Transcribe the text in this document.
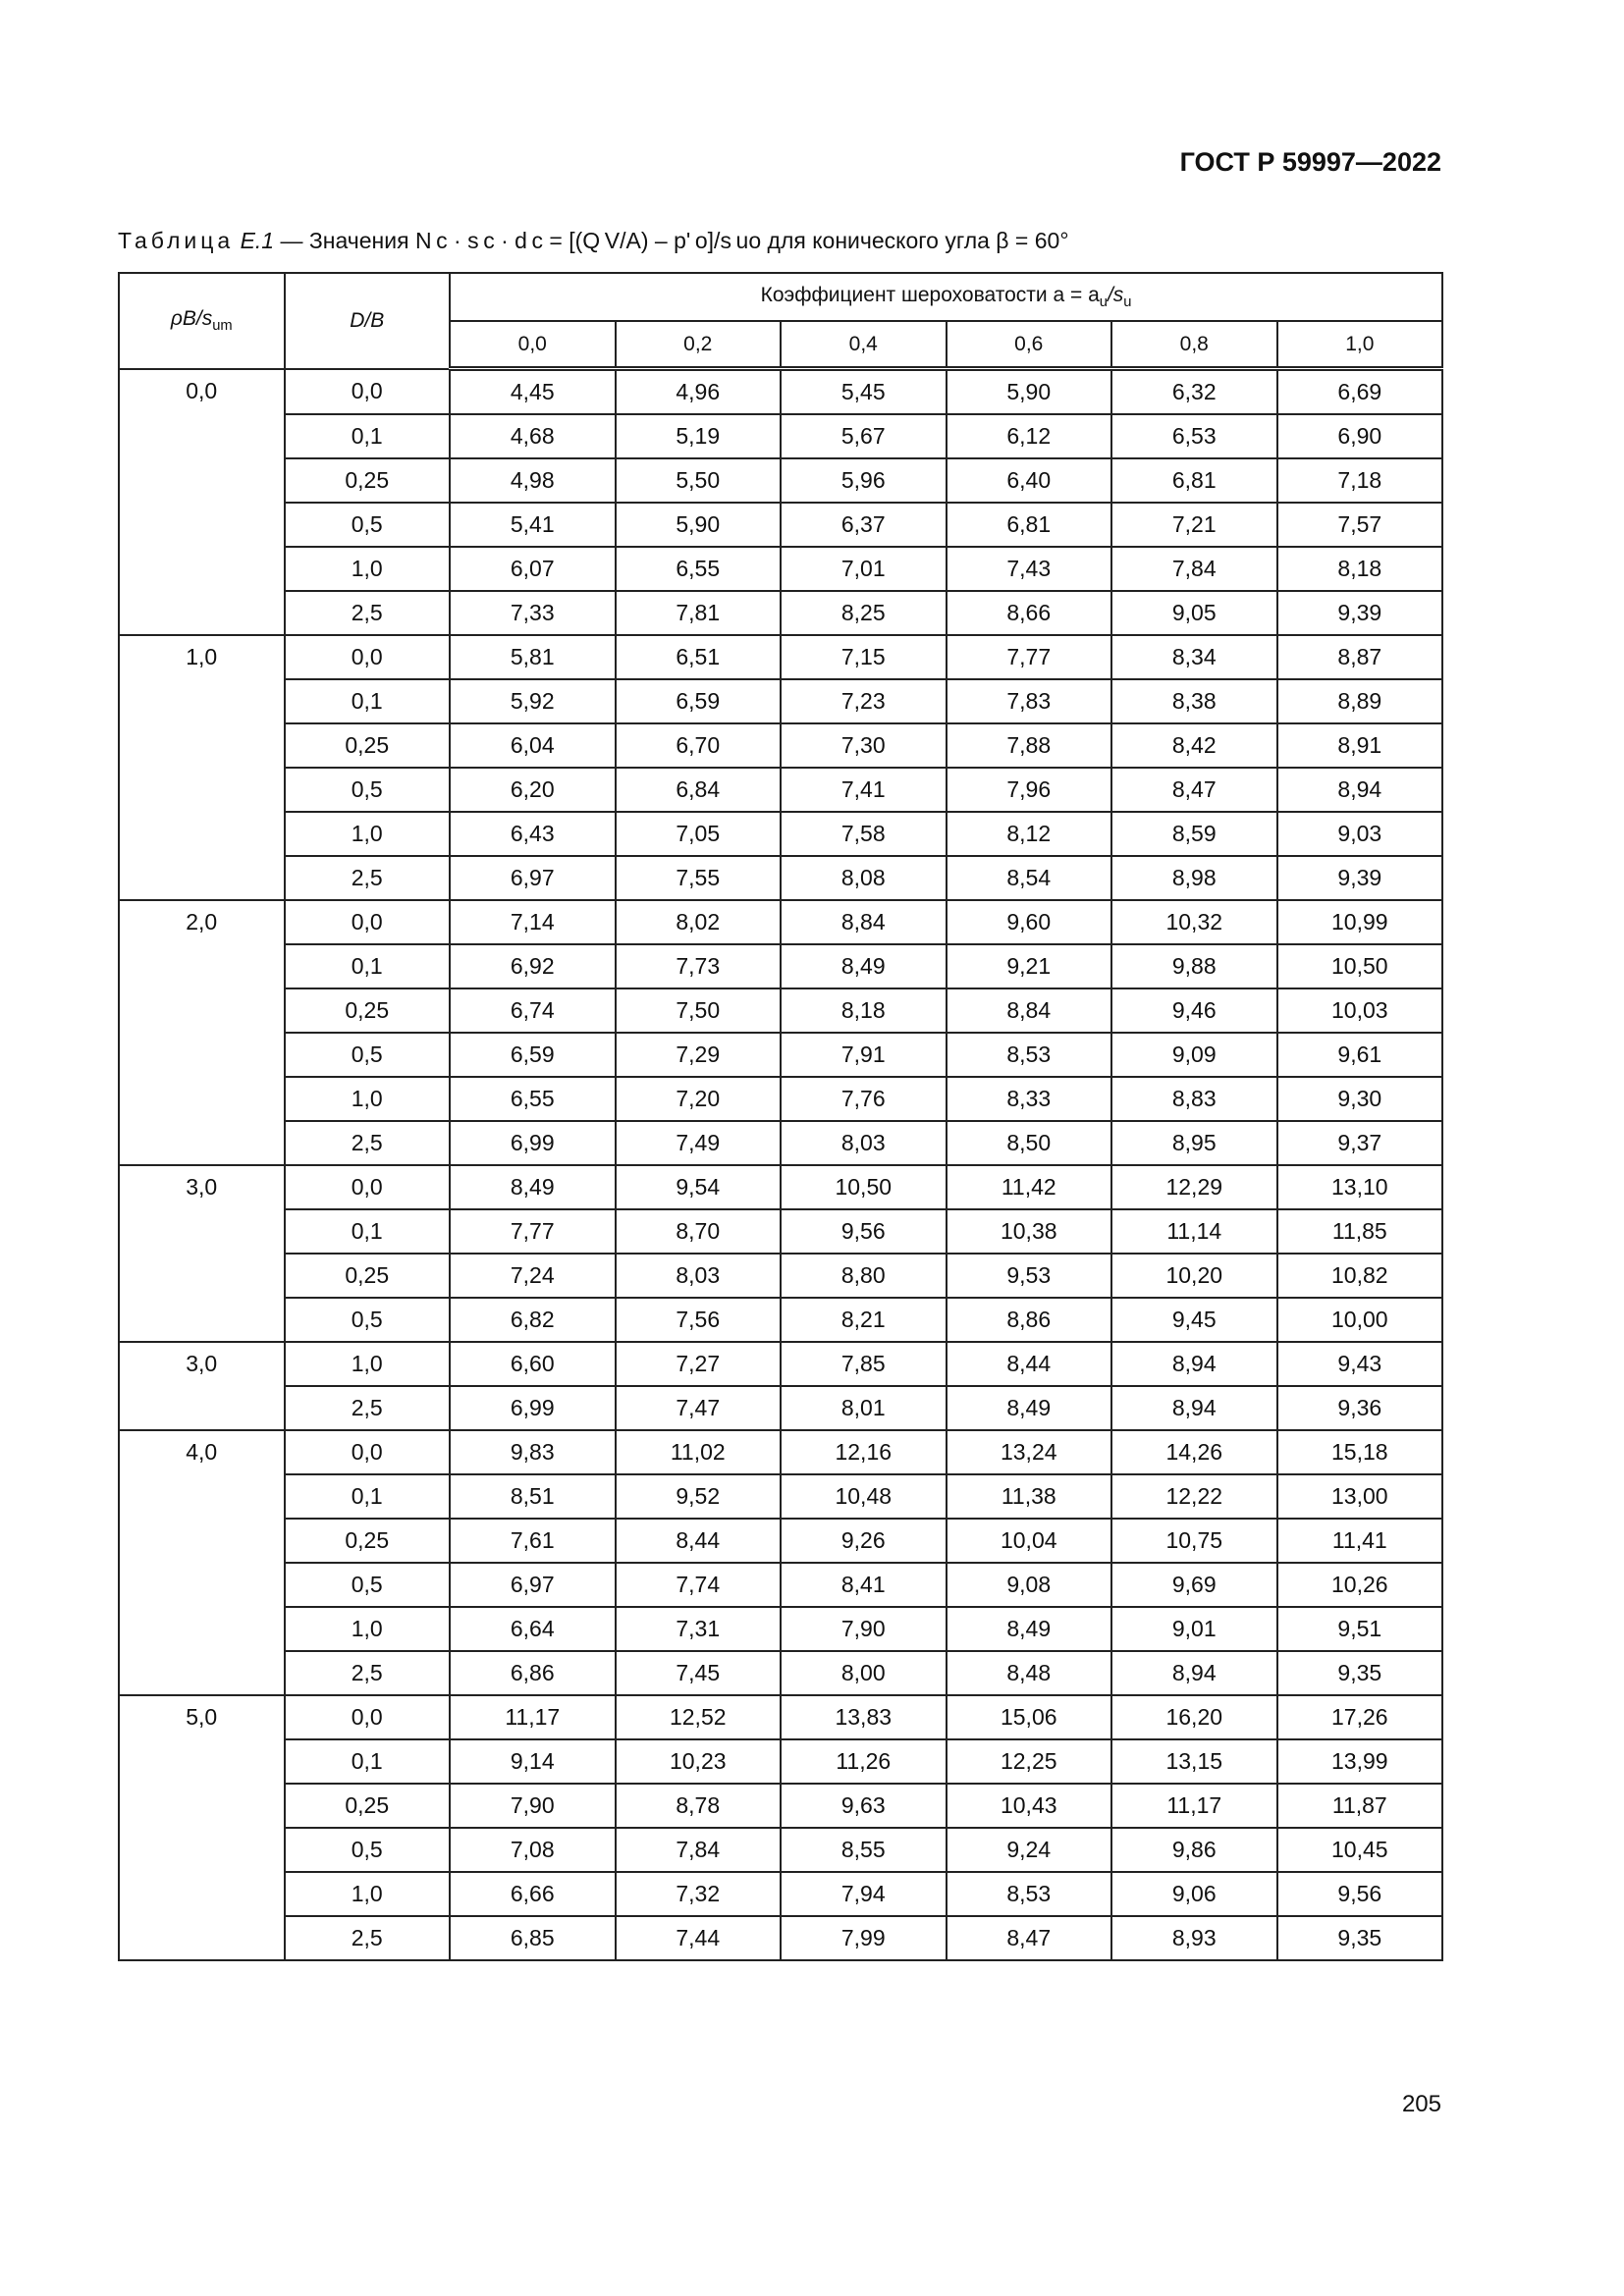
ГОСТ Р 59997—2022
Таблица E.1 — Значения N c · s c · d c = [(Q V/A) – p' o]/s uo для конического угла β = 60°
$\rho B/s_{um}$	D/B	Коэффициент шероховатости $a = a_u/s_u$
		0,0	0,2	0,4	0,6	0,8	1,0
0,0	0,0	4,45	4,96	5,45	5,90	6,32	6,69
	0,1	4,68	5,19	5,67	6,12	6,53	6,90
	0,25	4,98	5,50	5,96	6,40	6,81	7,18
	0,5	5,41	5,90	6,37	6,81	7,21	7,57
	1,0	6,07	6,55	7,01	7,43	7,84	8,18
	2,5	7,33	7,81	8,25	8,66	9,05	9,39
1,0	0,0	5,81	6,51	7,15	7,77	8,34	8,87
	0,1	5,92	6,59	7,23	7,83	8,38	8,89
	0,25	6,04	6,70	7,30	7,88	8,42	8,91
	0,5	6,20	6,84	7,41	7,96	8,47	8,94
	1,0	6,43	7,05	7,58	8,12	8,59	9,03
	2,5	6,97	7,55	8,08	8,54	8,98	9,39
2,0	0,0	7,14	8,02	8,84	9,60	10,32	10,99
	0,1	6,92	7,73	8,49	9,21	9,88	10,50
	0,25	6,74	7,50	8,18	8,84	9,46	10,03
	0,5	6,59	7,29	7,91	8,53	9,09	9,61
	1,0	6,55	7,20	7,76	8,33	8,83	9,30
	2,5	6,99	7,49	8,03	8,50	8,95	9,37
3,0	0,0	8,49	9,54	10,50	11,42	12,29	13,10
	0,1	7,77	8,70	9,56	10,38	11,14	11,85
	0,25	7,24	8,03	8,80	9,53	10,20	10,82
	0,5	6,82	7,56	8,21	8,86	9,45	10,00
3,0	1,0	6,60	7,27	7,85	8,44	8,94	9,43
	2,5	6,99	7,47	8,01	8,49	8,94	9,36
4,0	0,0	9,83	11,02	12,16	13,24	14,26	15,18
	0,1	8,51	9,52	10,48	11,38	12,22	13,00
	0,25	7,61	8,44	9,26	10,04	10,75	11,41
	0,5	6,97	7,74	8,41	9,08	9,69	10,26
	1,0	6,64	7,31	7,90	8,49	9,01	9,51
	2,5	6,86	7,45	8,00	8,48	8,94	9,35
5,0	0,0	11,17	12,52	13,83	15,06	16,20	17,26
	0,1	9,14	10,23	11,26	12,25	13,15	13,99
	0,25	7,90	8,78	9,63	10,43	11,17	11,87
	0,5	7,08	7,84	8,55	9,24	9,86	10,45
	1,0	6,66	7,32	7,94	8,53	9,06	9,56
	2,5	6,85	7,44	7,99	8,47	8,93	9,35
205
